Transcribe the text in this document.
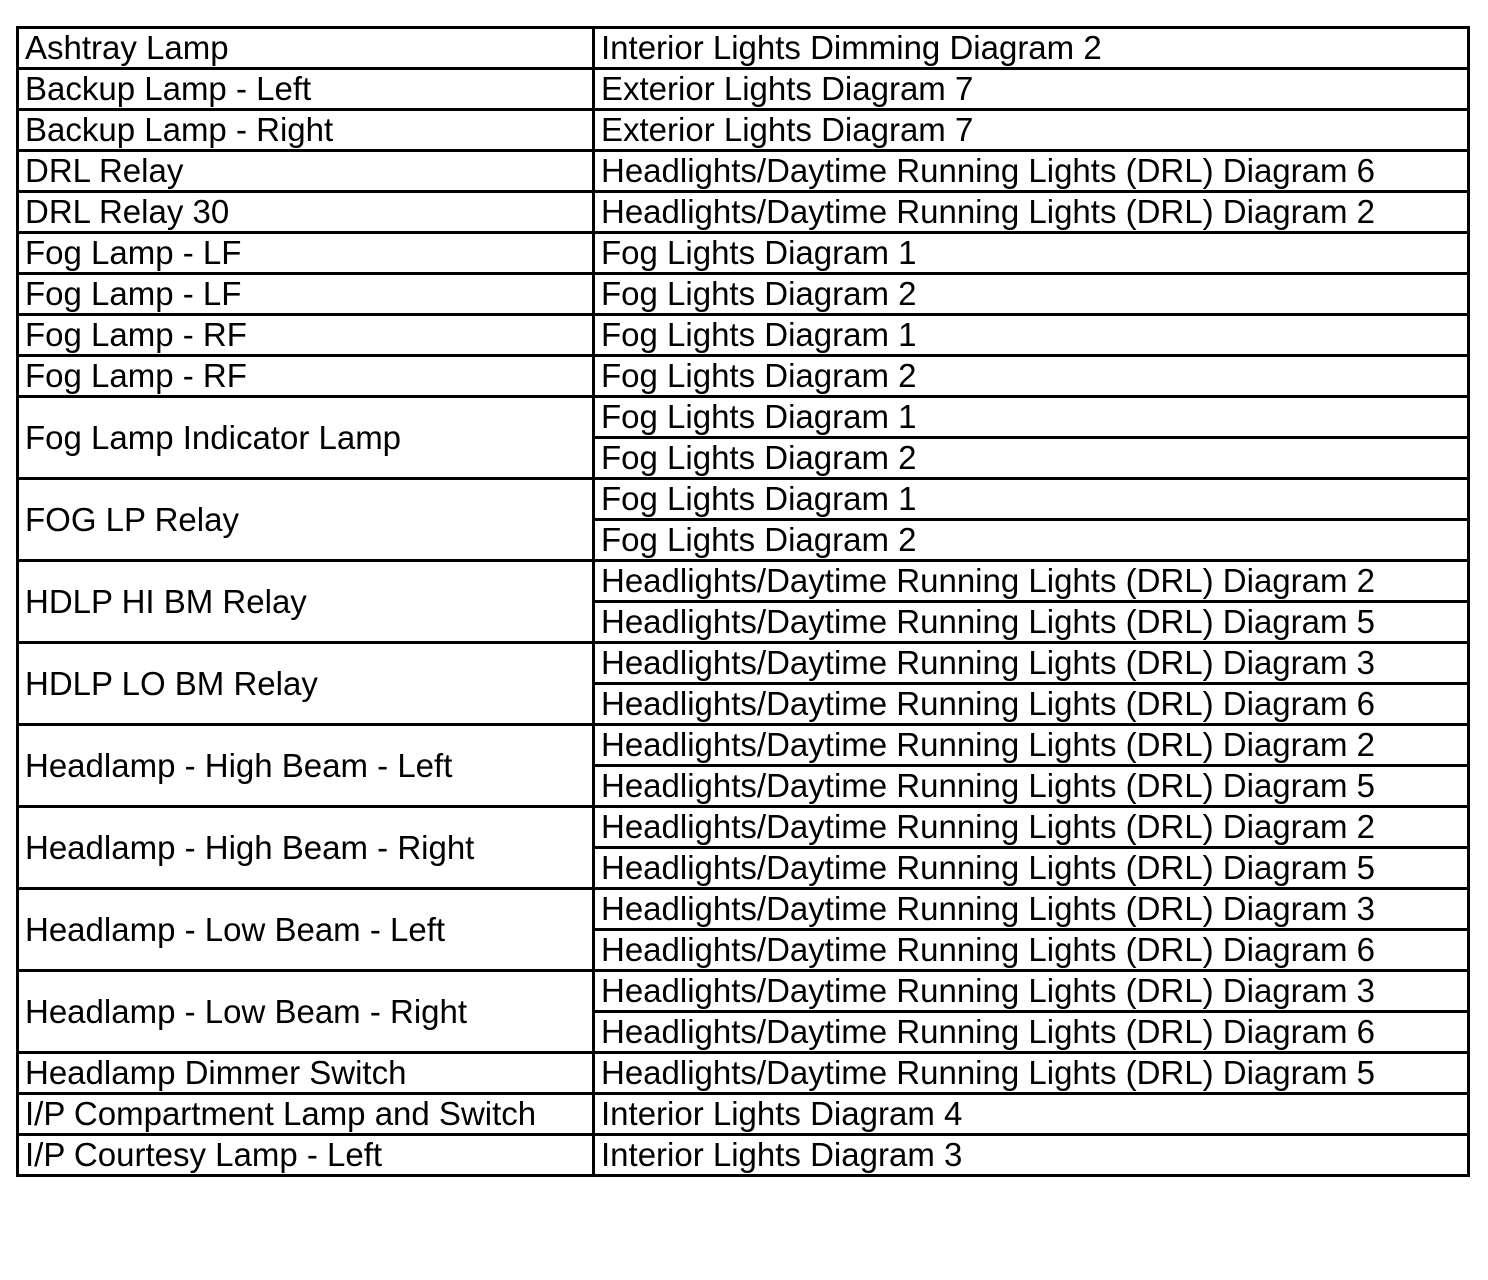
Ashtray Lamp	Interior Lights Dimming Diagram 2
Backup Lamp - Left	Exterior Lights Diagram 7
Backup Lamp - Right	Exterior Lights Diagram 7
DRL Relay	Headlights/Daytime Running Lights (DRL) Diagram 6
DRL Relay 30	Headlights/Daytime Running Lights (DRL) Diagram 2
Fog Lamp - LF	Fog Lights Diagram 1
Fog Lamp - LF	Fog Lights Diagram 2
Fog Lamp - RF	Fog Lights Diagram 1
Fog Lamp - RF	Fog Lights Diagram 2
Fog Lamp Indicator Lamp	Fog Lights Diagram 1
	Fog Lights Diagram 2
FOG LP Relay	Fog Lights Diagram 1
	Fog Lights Diagram 2
HDLP HI BM Relay	Headlights/Daytime Running Lights (DRL) Diagram 2
	Headlights/Daytime Running Lights (DRL) Diagram 5
HDLP LO BM Relay	Headlights/Daytime Running Lights (DRL) Diagram 3
	Headlights/Daytime Running Lights (DRL) Diagram 6
Headlamp - High Beam - Left	Headlights/Daytime Running Lights (DRL) Diagram 2
	Headlights/Daytime Running Lights (DRL) Diagram 5
Headlamp - High Beam - Right	Headlights/Daytime Running Lights (DRL) Diagram 2
	Headlights/Daytime Running Lights (DRL) Diagram 5
Headlamp - Low Beam - Left	Headlights/Daytime Running Lights (DRL) Diagram 3
	Headlights/Daytime Running Lights (DRL) Diagram 6
Headlamp - Low Beam - Right	Headlights/Daytime Running Lights (DRL) Diagram 3
	Headlights/Daytime Running Lights (DRL) Diagram 6
Headlamp Dimmer Switch	Headlights/Daytime Running Lights (DRL) Diagram 5
I/P Compartment Lamp and Switch	Interior Lights Diagram 4
I/P Courtesy Lamp - Left	Interior Lights Diagram 3
